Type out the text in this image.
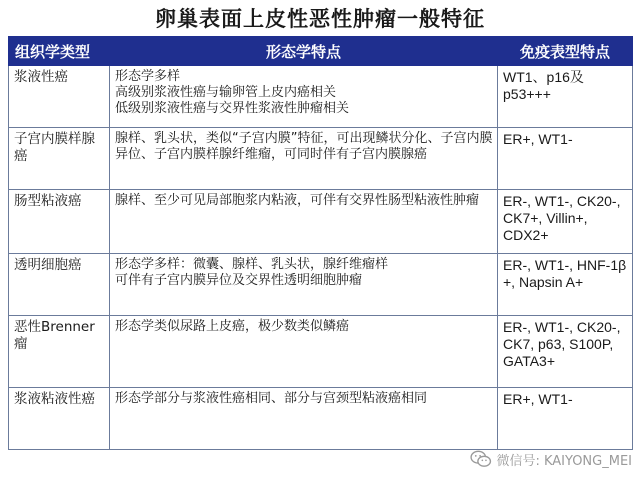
卵巢表面上皮性恶性肿瘤一般特征
组织学类型	形态学特点	免疫表型特点
浆液性癌	形态学多样
高级别浆液性癌与输卵管上皮内癌相关
低级别浆液性癌与交界性浆液性肿瘤相关	WT1、p16及p53+++
子宫内膜样腺癌	腺样、乳头状，类似“子宫内膜”特征，可出现鳞状分化、子宫内膜异位、子宫内膜样腺纤维瘤，可同时伴有子宫内膜腺癌	ER+, WT1-
肠型粘液癌	腺样、至少可见局部胞浆内粘液，可伴有交界性肠型粘液性肿瘤	ER-, WT1-, CK20-, CK7+, Villin+, CDX2+
透明细胞癌	形态学多样：微囊、腺样、乳头状，腺纤维瘤样
可伴有子宫内膜异位及交界性透明细胞肿瘤	ER-, WT1-, HNF-1β +, Napsin A+
恶性Brenner瘤	形态学类似尿路上皮癌，极少数类似鳞癌	ER-, WT1-, CK20-, CK7, p63, S100P, GATA3+
浆液粘液性癌	形态学部分与浆液性癌相同、部分与宫颈型粘液癌相同	ER+, WT1-
微信号: KAIYONG_MEI
